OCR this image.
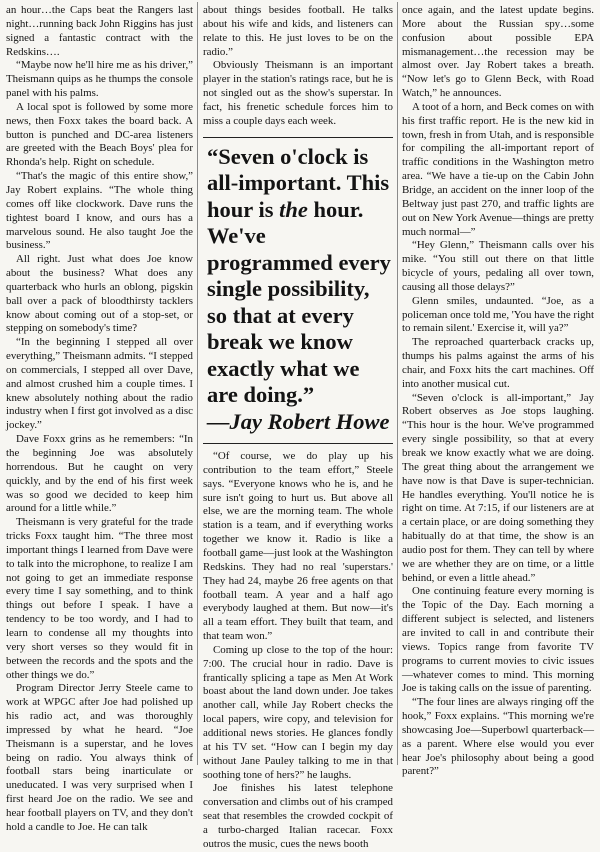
an hour…the Caps beat the Rangers last night…running back John Riggins has just signed a fantastic contract with the Redskins….

“Maybe now he'll hire me as his driver,” Theismann quips as he thumps the console panel with his palms.

A local spot is followed by some more news, then Foxx takes the board back. A button is punched and DC-area listeners are greeted with the Beach Boys' plea for Rhonda's help. Right on schedule.

“That's the magic of this entire show,” Jay Robert explains. “The whole thing comes off like clockwork. Dave runs the tightest board I know, and ours has a marvelous sound. He also taught Joe the business.”

All right. Just what does Joe know about the business? What does any quarterback who hurls an oblong, pigskin ball over a pack of bloodthirsty tacklers know about coming out of a stop-set, or stepping on somebody's time?

“In the beginning I stepped all over everything,” Theismann admits. “I stepped on commercials, I stepped all over Dave, and almost crushed him a couple times. I knew absolutely nothing about the radio industry when I first got involved as a disc jockey.”

Dave Foxx grins as he remembers: “In the beginning Joe was absolutely horrendous. But he caught on very quickly, and by the end of his first week was so good we decided to keep him around for a little while.”

Theismann is very grateful for the trade tricks Foxx taught him. “The three most important things I learned from Dave were to talk into the microphone, to realize I am not going to get an immediate response every time I say something, and to think things out before I speak. I have a tendency to be too wordy, and I had to learn to condense all my thoughts into very short verses so they would fit in between the records and the spots and the other things we do.”

Program Director Jerry Steele came to work at WPGC after Joe had polished up his radio act, and was thoroughly impressed by what he heard. “Joe Theismann is a superstar, and he loves being on radio. You always think of football stars being inarticulate or uneducated. I was very surprised when I first heard Joe on the radio. We see and hear football players on TV, and they don't hold a candle to Joe. He can talk

about things besides football. He talks about his wife and kids, and listeners can relate to this. He just loves to be on the radio.”

Obviously Theismann is an important player in the station's ratings race, but he is not singled out as the show's superstar. In fact, his frenetic schedule forces him to miss a couple days each week.

“Seven o'clock is all-important. This hour is the hour. We've programmed every single possibility, so that at every break we know exactly what we are doing.”
—Jay Robert Howe

“Of course, we do play up his contribution to the team effort,” Steele says. “Everyone knows who he is, and he sure isn't going to hurt us. But above all else, we are the morning team. The whole station is a team, and if everything works together we know it. Radio is like a football game—just look at the Washington Redskins. They had no real 'superstars.' They had 24, maybe 26 free agents on that football team. A year and a half ago everybody laughed at them. But now—it's all a team effort. They built that team, and that team won.”

Coming up close to the top of the hour: 7:00. The crucial hour in radio. Dave is frantically splicing a tape as Men At Work boast about the land down under. Joe takes another call, while Jay Robert checks the local papers, wire copy, and television for additional news stories. He glances fondly at his TV set. “How can I begin my day without Jane Pauley talking to me in that soothing tone of hers?” he laughs.

Joe finishes his latest telephone conversation and climbs out of his cramped seat that resembles the crowded cockpit of a turbo-charged Italian racecar. Foxx outros the music, cues the news booth

once again, and the latest update begins. More about the Russian spy…some confusion about possible EPA mismanagement…the recession may be almost over. Jay Robert takes a breath. “Now let's go to Glenn Beck, with Road Watch,” he announces.

A toot of a horn, and Beck comes on with his first traffic report. He is the new kid in town, fresh in from Utah, and is responsible for compiling the all-important report of traffic conditions in the Washington metro area. “We have a tie-up on the Cabin John Bridge, an accident on the inner loop of the Beltway just past 270, and traffic lights are out on New York Avenue—things are pretty much normal—”

“Hey Glenn,” Theismann calls over his mike. “You still out there on that little bicycle of yours, pedaling all over town, causing all those delays?”

Glenn smiles, undaunted. “Joe, as a policeman once told me, 'You have the right to remain silent.' Exercise it, will ya?”

The reproached quarterback cracks up, thumps his palms against the arms of his chair, and Foxx hits the cart machines. Off into another musical cut.

“Seven o'clock is all-important,” Jay Robert observes as Joe stops laughing. “This hour is the hour. We've programmed every single possibility, so that at every break we know exactly what we are doing. The great thing about the arrangement we have now is that Dave is super-technician. He handles everything. You'll notice he is right on time. At 7:15, if our listeners are at a certain place, or are doing something they habitually do at that time, the show is an audio post for them. They can tell by where we are whether they are on time, or a little behind, or even a little ahead.”

One continuing feature every morning is the Topic of the Day. Each morning a different subject is selected, and listeners are invited to call in and contribute their views. Topics range from favorite TV programs to current movies to civic issues—whatever comes to mind. This morning Joe is taking calls on the issue of parenting.

“The four lines are always ringing off the hook,” Foxx explains. “This morning we're showcasing Joe—Superbowl quarterback—as a parent. Where else would you ever hear Joe's philosophy about being a good parent?”
